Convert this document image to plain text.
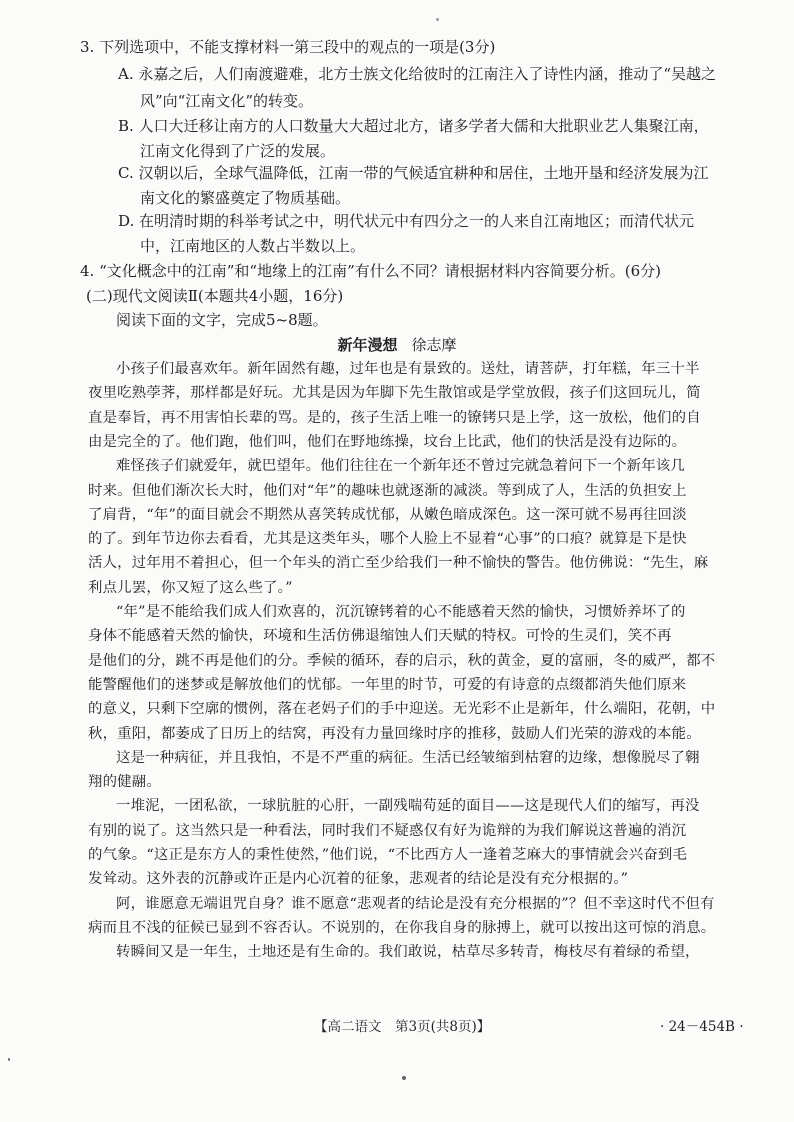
3. 下列选项中，不能支撑材料一第三段中的观点的一项是(3分)
A. 永嘉之后，人们南渡避难，北方士族文化给彼时的江南注入了诗性内涵，推动了“吴越之
风”向“江南文化”的转变。
B. 人口大迁移让南方的人口数量大大超过北方，诸多学者大儒和大批职业艺人集聚江南，
江南文化得到了广泛的发展。
C. 汉朝以后，全球气温降低，江南一带的气候适宜耕种和居住，土地开垦和经济发展为江
南文化的繁盛奠定了物质基础。
D. 在明清时期的科举考试之中，明代状元中有四分之一的人来自江南地区；而清代状元
中，江南地区的人数占半数以上。
4. “文化概念中的江南”和“地缘上的江南”有什么不同？请根据材料内容简要分析。(6分)
(二)现代文阅读Ⅱ(本题共4小题，16分)
阅读下面的文字，完成5~8题。
新年漫想 徐志摩
小孩子们最喜欢年。新年固然有趣，过年也是有景致的。送灶，请菩萨，打年糕，年三十半
夜里吃熟荸荠，那样都是好玩。尤其是因为年脚下先生散馆或是学堂放假，孩子们这回玩儿，简
直是奉旨，再不用害怕长辈的骂。是的，孩子生活上唯一的镣铐只是上学，这一放松，他们的自
由是完全的了。他们跑，他们叫，他们在野地练操，坟台上比武，他们的快活是没有边际的。
难怪孩子们就爱年，就巴望年。他们往往在一个新年还不曾过完就急着问下一个新年该几
时来。但他们渐次长大时，他们对“年”的趣味也就逐渐的减淡。等到成了人，生活的负担安上
了肩背，“年”的面目就会不期然从喜笑转成忧郁，从嫩色暗成深色。这一深可就不易再往回淡
的了。到年节边你去看看，尤其是这类年头，哪个人脸上不显着“心事”的口痕？就算是下是快
活人，过年用不着担心，但一个年头的消亡至少给我们一种不愉快的警告。他仿佛说：“先生，麻
利点儿罢，你又短了这么些了。”
“年”是不能给我们成人们欢喜的，沉沉镣铐着的心不能感着天然的愉快，习惯娇养坏了的
身体不能感着天然的愉快，环境和生活仿佛退缩蚀人们天赋的特权。可怜的生灵们，笑不再
是他们的分，跳不再是他们的分。季候的循环，春的启示，秋的黄金，夏的富丽，冬的威严，都不
能警醒他们的迷梦或是解放他们的忧郁。一年里的时节，可爱的有诗意的点缀都消失他们原来
的意义，只剩下空廓的惯例，落在老妈子们的手中迎送。无光彩不止是新年，什么端阳，花朝，中
秋，重阳，都萎成了日历上的结窝，再没有力量回缘时序的推移，鼓励人们光荣的游戏的本能。
这是一种病征，并且我怕，不是不严重的病征。生活已经皱缩到枯窘的边缘，想像脱尽了翱
翔的健翮。
一堆泥，一团私欲，一球肮脏的心肝，一副残喘苟延的面目——这是现代人们的缩写，再没
有别的说了。这当然只是一种看法，同时我们不疑惑仅有好为诡辩的为我们解说这普遍的消沉
的气象。“这正是东方人的秉性使然，”他们说，“不比西方人一逢着芝麻大的事情就会兴奋到毛
发耸动。这外表的沉静或许正是内心沉着的征象，悲观者的结论是没有充分根据的。”
阿，谁愿意无端诅咒自身？谁不愿意“悲观者的结论是没有充分根据的”？但不幸这时代不但有
病而且不浅的征候已显到不容否认。不说别的，在你我自身的脉搏上，就可以按出这可惊的消息。
转瞬间又是一年生，土地还是有生命的。我们敢说，枯草尽多转青，梅枝尽有着绿的希望，
【高二语文　第3页(共8页)】	· 24－454B ·
